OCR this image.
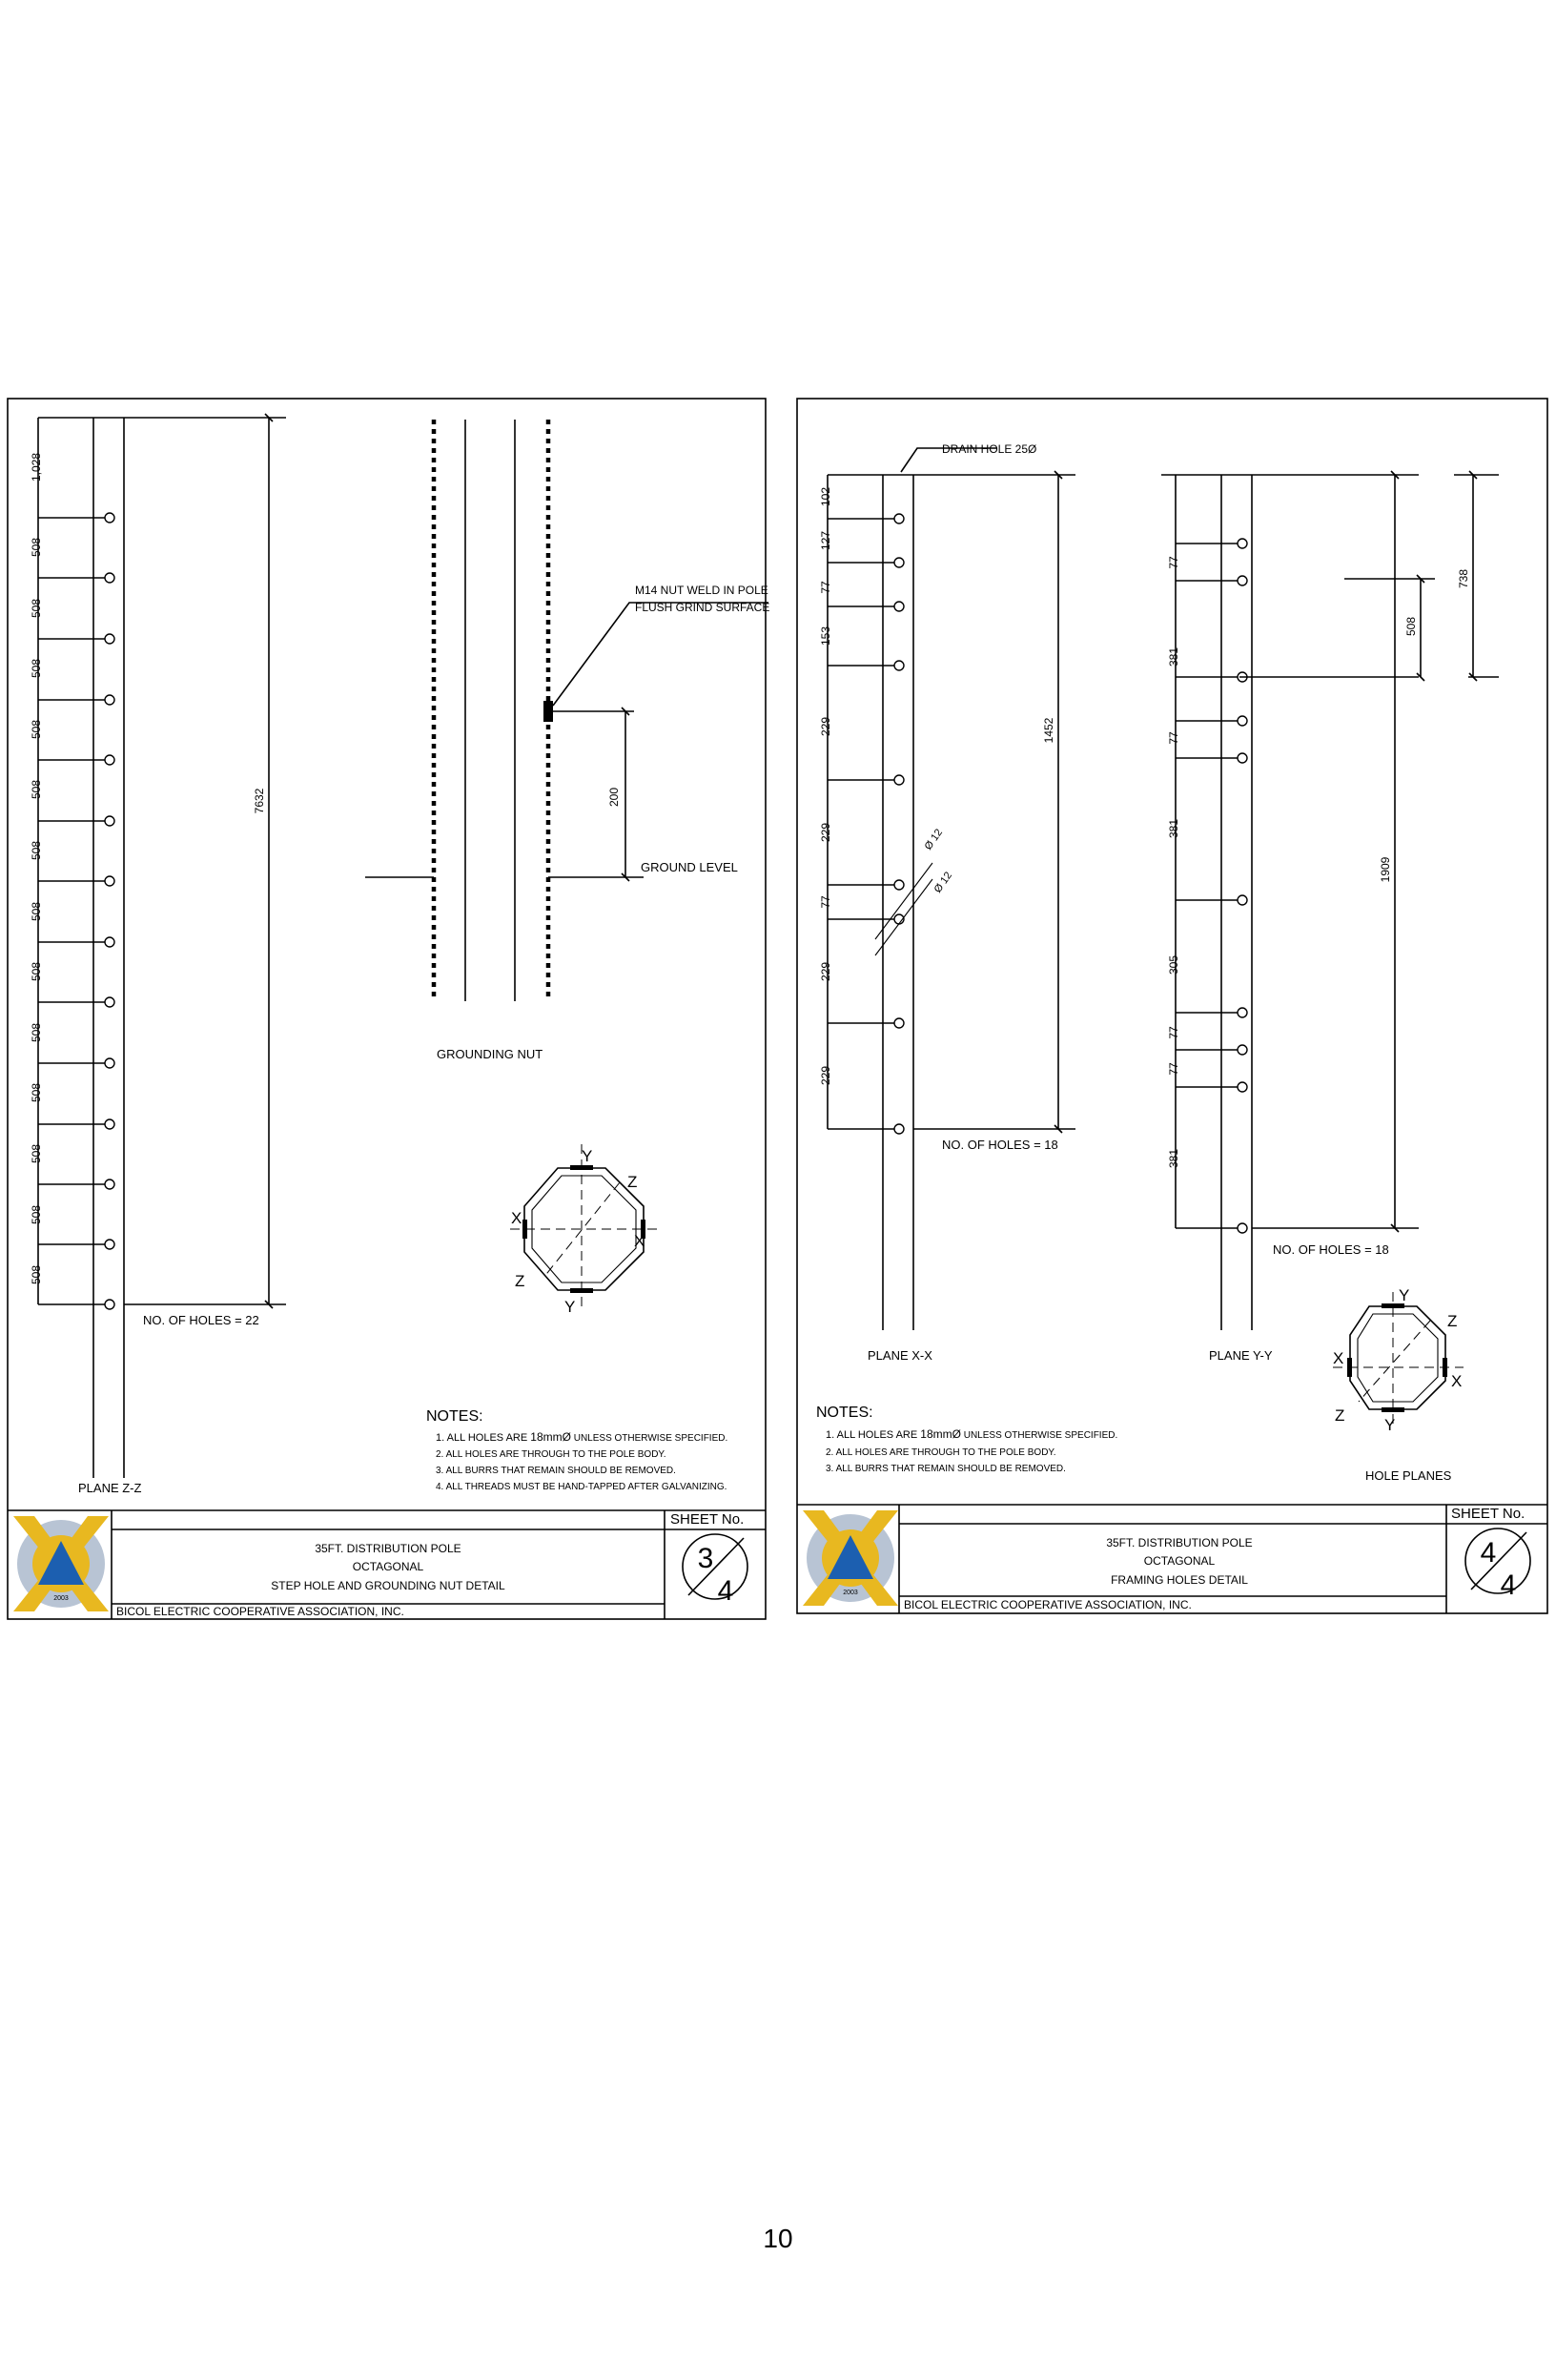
1,028
508
508
508
508
508
508
508
508
508
508
508
508
508
7632
NO. OF HOLES = 22
PLANE Z-Z
200
GROUND LEVEL
M14 NUT WELD IN POLE
FLUSH GRIND SURFACE
GROUNDING NUT
Y
Z
X
X
Z
Y
NOTES:
1. ALL HOLES ARE 18mmØ UNLESS OTHERWISE SPECIFIED.
2. ALL HOLES ARE THROUGH TO THE POLE BODY.
3. ALL BURRS THAT REMAIN SHOULD BE REMOVED.
4. ALL THREADS MUST BE HAND-TAPPED AFTER GALVANIZING.
SHEET No.
35FT. DISTRIBUTION POLE
OCTAGONAL
STEP HOLE AND GROUNDING NUT DETAIL
BICOL ELECTRIC COOPERATIVE ASSOCIATION, INC.
3
4
2003
102
127
77
153
229
229
77
229
229
DRAIN HOLE 25Ø
Ø 12
Ø 12
1452
NO. OF HOLES = 18
PLANE X-X
77
381
77
381
305
77
77
381
508
738
1909
NO. OF HOLES = 18
PLANE Y-Y
Y
Z
X
X
Z
Y
HOLE PLANES
NOTES:
1. ALL HOLES ARE 18mmØ UNLESS OTHERWISE SPECIFIED.
2. ALL HOLES ARE THROUGH TO THE POLE BODY.
3. ALL BURRS THAT REMAIN SHOULD BE REMOVED.
SHEET No.
35FT. DISTRIBUTION POLE
OCTAGONAL
FRAMING HOLES DETAIL
BICOL ELECTRIC COOPERATIVE ASSOCIATION, INC.
4
4
2003
10
